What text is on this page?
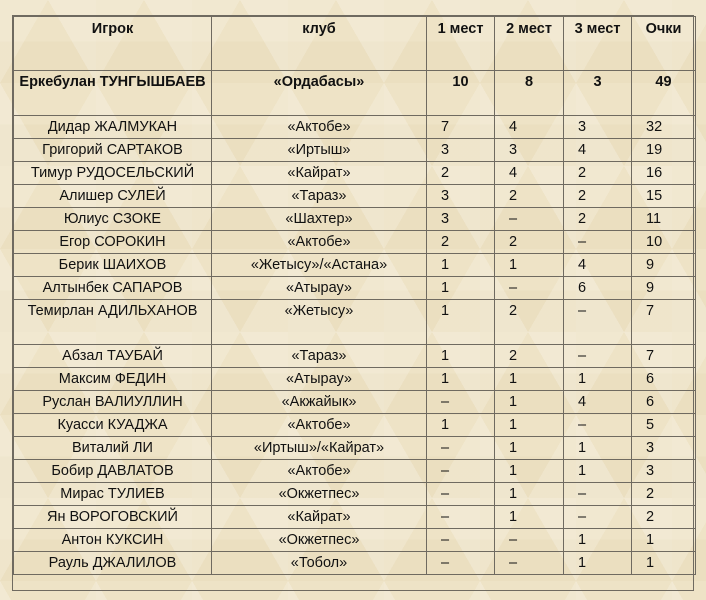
Игрок	клуб	1 мест	2 мест	3 мест	Очки
Еркебулан ТУНГЫШБАЕВ	«Ордабасы»	10	8	3	49
Дидар ЖАЛМУКАН	«Актобе»	7	4	3	32
Григорий САРТАКОВ	«Иртыш»	3	3	4	19
Тимур РУДОСЕЛЬСКИЙ	«Кайрат»	2	4	2	16
Алишер СУЛЕЙ	«Тараз»	3	2	2	15
Юлиус СЗОКЕ	«Шахтер»	3	–	2	11
Егор СОРОКИН	«Актобе»	2	2	–	10
Берик ШАИХОВ	«Жетысу»/«Астана»	1	1	4	9
Алтынбек САПАРОВ	«Атырау»	1	–	6	9
Темирлан АДИЛЬХАНОВ	«Жетысу»	1	2	–	7
Абзал ТАУБАЙ	«Тараз»	1	2	–	7
Максим ФЕДИН	«Атырау»	1	1	1	6
Руслан ВАЛИУЛЛИН	«Акжайык»	–	1	4	6
Куасси КУАДЖА	«Актобе»	1	1	–	5
Виталий ЛИ	«Иртыш»/«Кайрат»	–	1	1	3
Бобир ДАВЛАТОВ	«Актобе»	–	1	1	3
Мирас ТУЛИЕВ	«Окжетпес»	–	1	–	2
Ян ВОРОГОВСКИЙ	«Кайрат»	–	1	–	2
Антон КУКСИН	«Окжетпес»	–	–	1	1
Рауль ДЖАЛИЛОВ	«Тобол»	–	–	1	1
